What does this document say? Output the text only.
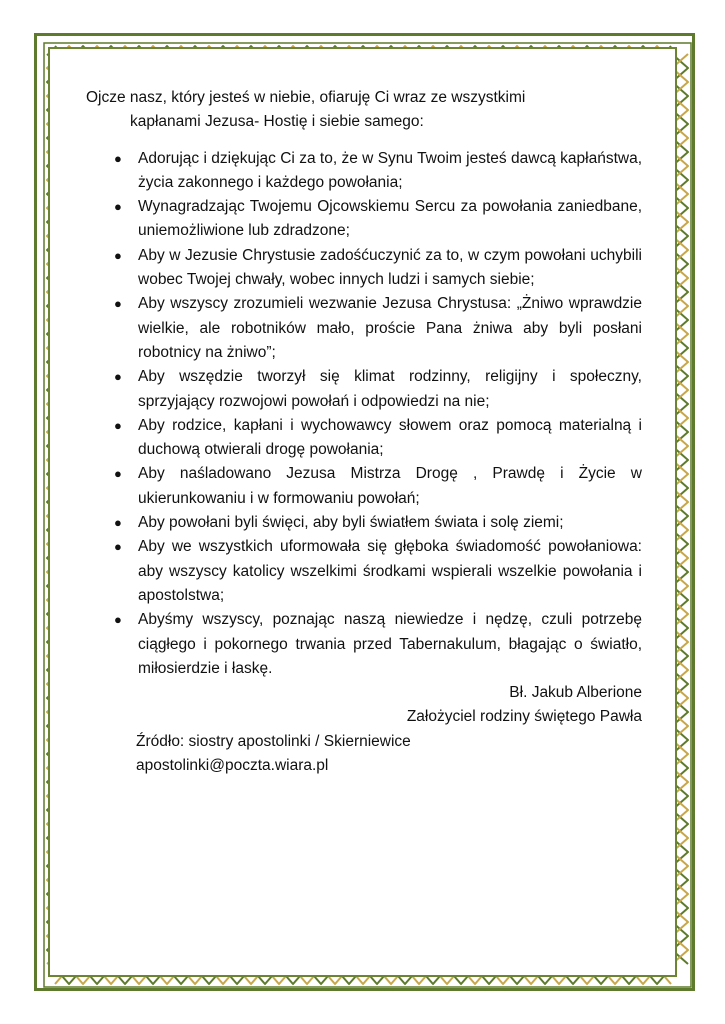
Ojcze nasz, który jesteś w niebie, ofiaruję Ci wraz ze wszystkimi

kapłanami Jezusa- Hostię i siebie samego:

● Adorując i dziękując Ci za to, że w Synu Twoim jesteś dawcą kapłaństwa, życia zakonnego i każdego powołania;
● Wynagradzając Twojemu Ojcowskiemu Sercu za powołania zaniedbane, uniemożliwione lub zdradzone;
● Aby w Jezusie Chrystusie zadośćuczynić za to, w czym powołani uchybili wobec Twojej chwały, wobec innych ludzi i samych siebie;
● Aby wszyscy zrozumieli wezwanie Jezusa Chrystusa: „Żniwo wprawdzie wielkie, ale robotników mało, proście Pana żniwa aby byli posłani robotnicy na żniwo”;
● Aby wszędzie tworzył się klimat rodzinny, religijny i społeczny, sprzyjający rozwojowi powołań i odpowiedzi na nie;
● Aby rodzice, kapłani i wychowawcy słowem oraz pomocą materialną i duchową otwierali drogę powołania;
● Aby naśladowano Jezusa Mistrza Drogę , Prawdę i Życie w ukierunkowaniu i w formowaniu powołań;
● Aby powołani byli święci, aby byli światłem świata i solę ziemi;
● Aby we wszystkich uformowała się głęboka świadomość powołaniowa: aby wszyscy katolicy wszelkimi środkami wspierali wszelkie powołania i apostolstwa;
● Abyśmy wszyscy, poznając naszą niewiedze i nędzę, czuli potrzebę ciągłego i pokornego trwania przed Tabernakulum, błagając o światło, miłosierdzie i łaskę.

Bł. Jakub Alberione

Założyciel rodziny świętego Pawła

Źródło: siostry apostolinki / Skierniewice

apostolinki@poczta.wiara.pl
